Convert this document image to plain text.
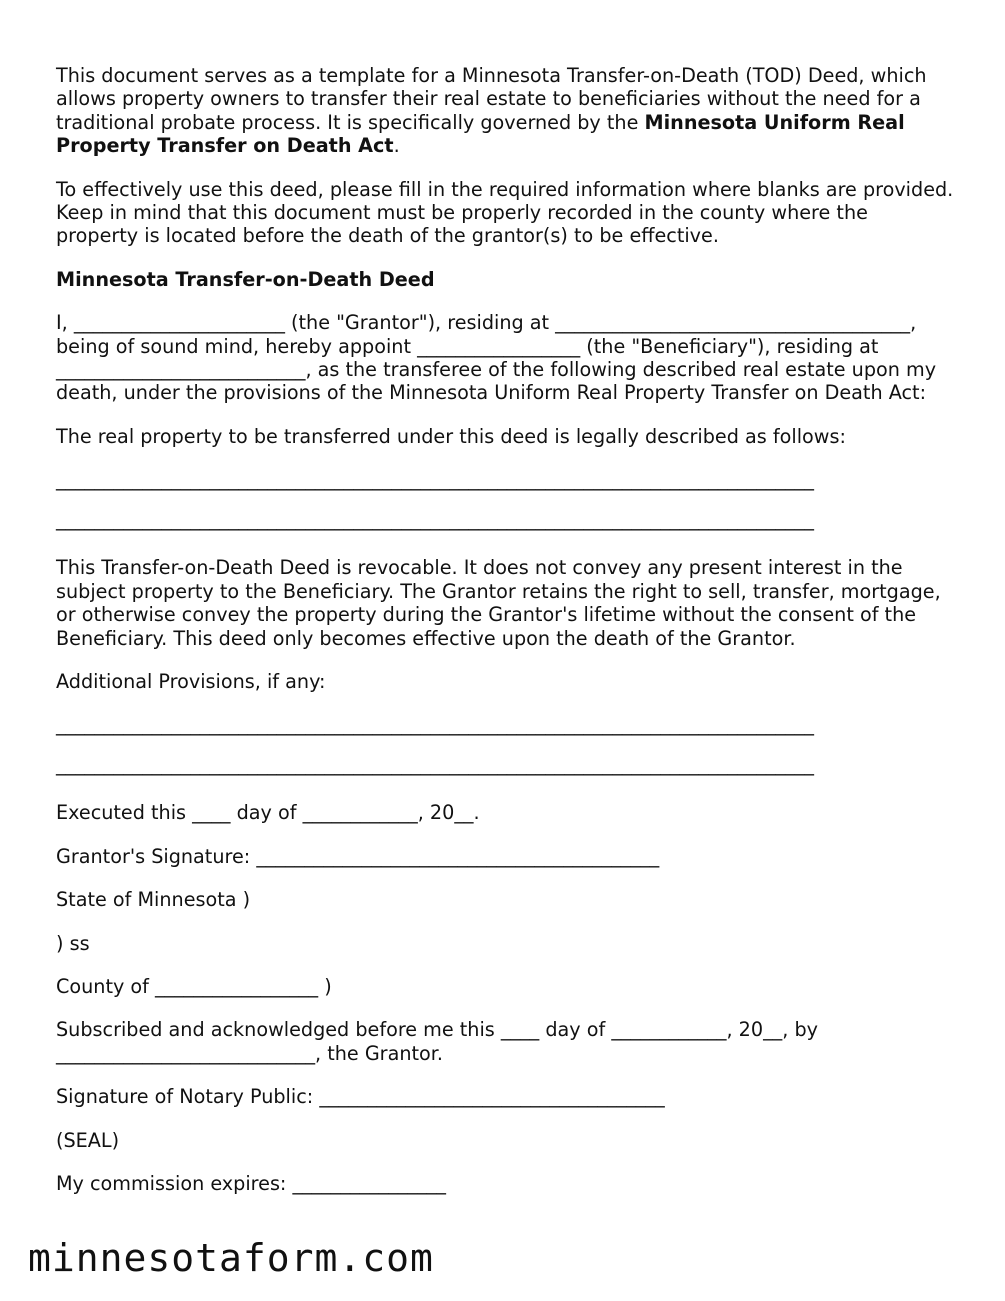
This document serves as a template for a Minnesota Transfer-on-Death (TOD) Deed, which allows property owners to transfer their real estate to beneficiaries without the need for a traditional probate process. It is specifically governed by the Minnesota Uniform Real Property Transfer on Death Act.

To effectively use this deed, please fill in the required information where blanks are provided. Keep in mind that this document must be properly recorded in the county where the property is located before the death of the grantor(s) to be effective.

Minnesota Transfer-on-Death Deed

I, ______________________ (the "Grantor"), residing at _____________________________________, being of sound mind, hereby appoint _________________ (the "Beneficiary"), residing at __________________________, as the transferee of the following described real estate upon my death, under the provisions of the Minnesota Uniform Real Property Transfer on Death Act:

The real property to be transferred under this deed is legally described as follows:

_______________________________________________________________________________

_______________________________________________________________________________

This Transfer-on-Death Deed is revocable. It does not convey any present interest in the subject property to the Beneficiary. The Grantor retains the right to sell, transfer, mortgage, or otherwise convey the property during the Grantor's lifetime without the consent of the Beneficiary. This deed only becomes effective upon the death of the Grantor.

Additional Provisions, if any:

_______________________________________________________________________________

_______________________________________________________________________________

Executed this ____ day of ____________, 20__.

Grantor's Signature: __________________________________________

State of Minnesota )

) ss

County of _________________ )

Subscribed and acknowledged before me this ____ day of ____________, 20__, by ___________________________, the Grantor.

Signature of Notary Public: ____________________________________

(SEAL)

My commission expires: ________________

minnesotaform.com
